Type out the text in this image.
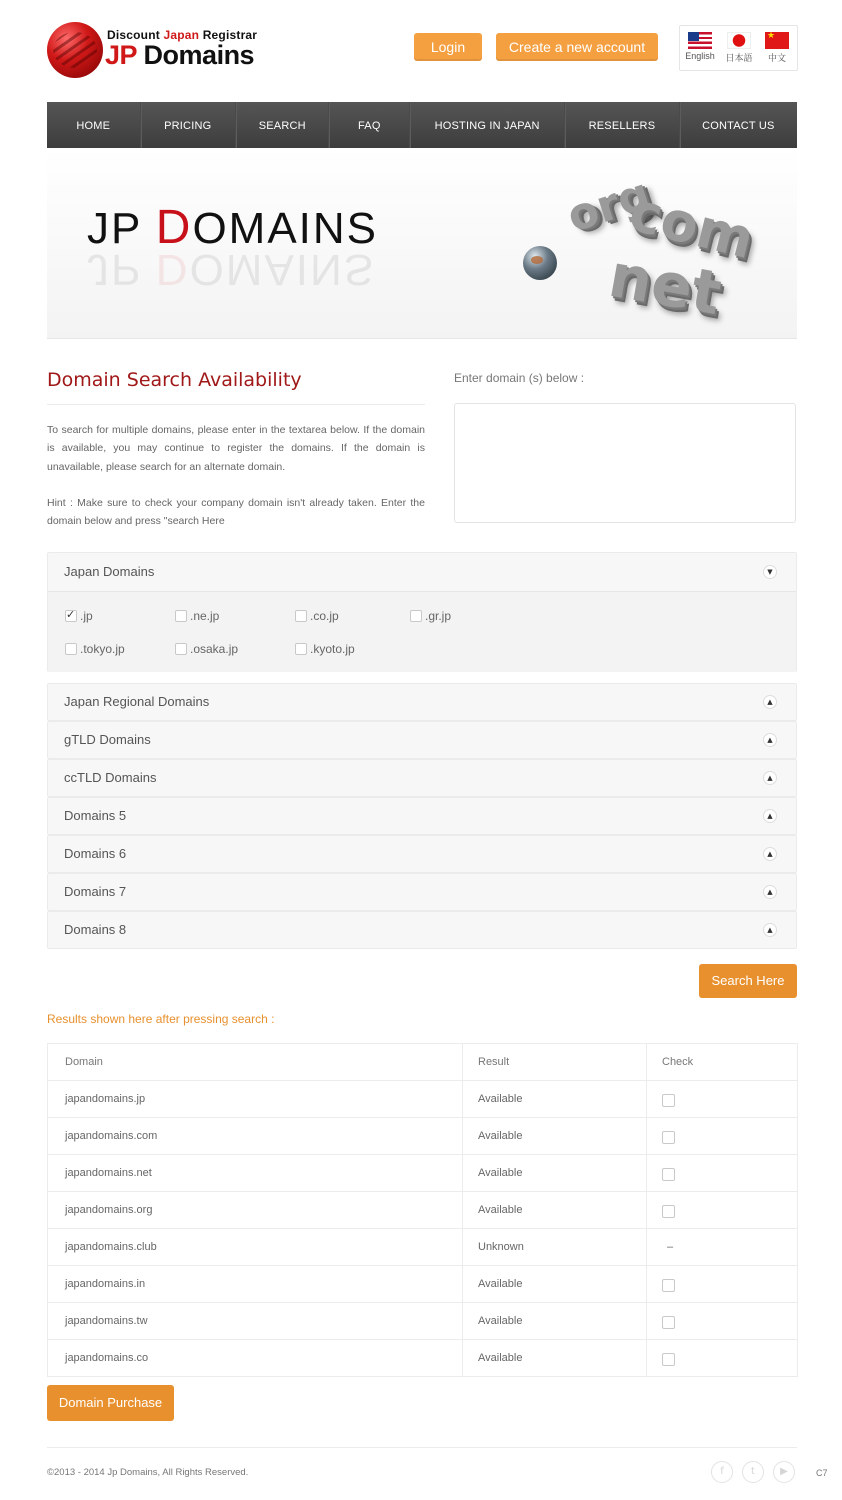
Discount Japan Registrar
JP Domains	Login	Create a new account
English	日本語
★	中文
HOME	PRICING	SEARCH	FAQ	HOSTING IN JAPAN	RESELLERS	CONTACT US
JP DOMAINS
JP DOMAINS
org
com
net
Domain Search Availability

To search for multiple domains, please enter in the textarea below. If the domain is available, you may continue to register the domains. If the domain is unavailable, please search for an alternate domain.

Hint : Make sure to check your company domain isn't already taken. Enter the domain below and press "search Here

Enter domain (s) below :
Japan Domains	▼
✓.jp	.ne.jp	.co.jp	.gr.jp
.tokyo.jp	.osaka.jp	.kyoto.jp
Japan Regional Domains	▲
gTLD Domains	▲
ccTLD Domains	▲
Domains 5	▲
Domains 6	▲
Domains 7	▲
Domains 8	▲
Search Here
Results shown here after pressing search :
Domain	Result	Check
japandomains.jp	Available
japandomains.com	Available
japandomains.net	Available
japandomains.org	Available
japandomains.club	Unknown	–
japandomains.in	Available
japandomains.tw	Available
japandomains.co	Available
Domain Purchase
©2013 - 2014 Jp Domains, All Rights Reserved.	f	t	▶	C7
